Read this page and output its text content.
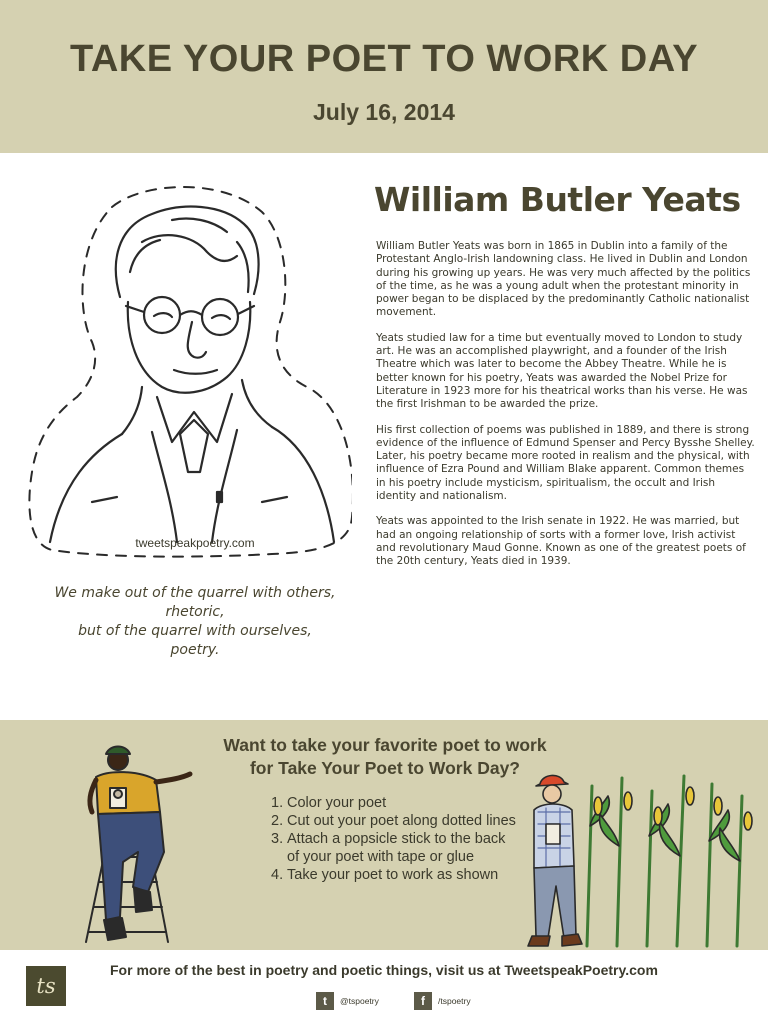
TAKE YOUR POET TO WORK DAY
July 16, 2014
tweetspeakpoetry.com
We make out of the quarrel with others,
rhetoric,
but of the quarrel with ourselves,
poetry.
William Butler Yeats

William Butler Yeats was born in 1865 in Dublin into a family of the Protestant Anglo-Irish landowning class. He lived in Dublin and London during his growing up years. He was very much affected by the politics of the time, as he was a young adult when the protestant minority in power began to be displaced by the predominantly Catholic nationalist movement.

Yeats studied law for a time but eventually moved to London to study art. He was an accomplished playwright, and a founder of the Irish Theatre which was later to become the Abbey Theatre. While he is better known for his poetry, Yeats was awarded the Nobel Prize for Literature in 1923 more for his theatrical works than his verse. He was the first Irishman to be awarded the prize.

His first collection of poems was published in 1889, and there is strong evidence of the influence of Edmund Spenser and Percy Bysshe Shelley. Later, his poetry became more rooted in realism and the physical, with influence of Ezra Pound and William Blake apparent. Common themes in his poetry include mysticism, spiritualism, the occult and Irish identity and nationalism.

Yeats was appointed to the Irish senate in 1922. He was married, but had an ongoing relationship of sorts with a former love, Irish activist and revolutionary Maud Gonne. Known as one of the greatest poets of the 20th century, Yeats died in 1939.

Want to take your favorite poet to work
for Take Your Poet to Work Day?
1. Color your poet
2. Cut out your poet along dotted lines
3. Attach a popsicle stick to the back of your poet with tape or glue
4. Take your poet to work as shown
ts
For more of the best in poetry and poetic things, visit us at TweetspeakPoetry.com
t	@tspoetry	f	/tspoetry
